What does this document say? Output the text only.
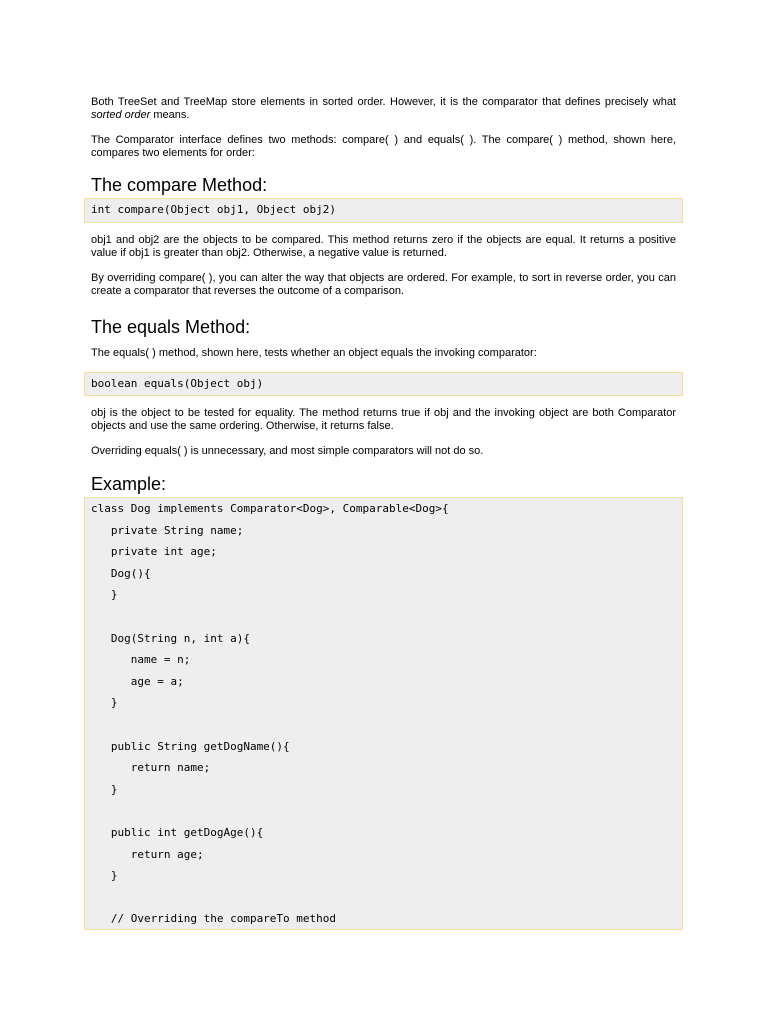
Both TreeSet and TreeMap store elements in sorted order. However, it is the comparator that defines precisely what sorted order means.

The Comparator interface defines two methods: compare( ) and equals( ). The compare( ) method, shown here, compares two elements for order:

The compare Method:
int compare(Object obj1, Object obj2)

obj1 and obj2 are the objects to be compared. This method returns zero if the objects are equal. It returns a positive value if obj1 is greater than obj2. Otherwise, a negative value is returned.

By overriding compare( ), you can alter the way that objects are ordered. For example, to sort in reverse order, you can create a comparator that reverses the outcome of a comparison.

The equals Method:

The equals( ) method, shown here, tests whether an object equals the invoking comparator:

boolean equals(Object obj)

obj is the object to be tested for equality. The method returns true if obj and the invoking object are both Comparator objects and use the same ordering. Otherwise, it returns false.

Overriding equals( ) is unnecessary, and most simple comparators will not do so.

Example:
class Dog implements Comparator<Dog>, Comparable<Dog>{
private String name;
private int age;
Dog(){
}
Dog(String n, int a){
name = n;
age = a;
}
public String getDogName(){
return name;
}
public int getDogAge(){
return age;
}
// Overriding the compareTo method
